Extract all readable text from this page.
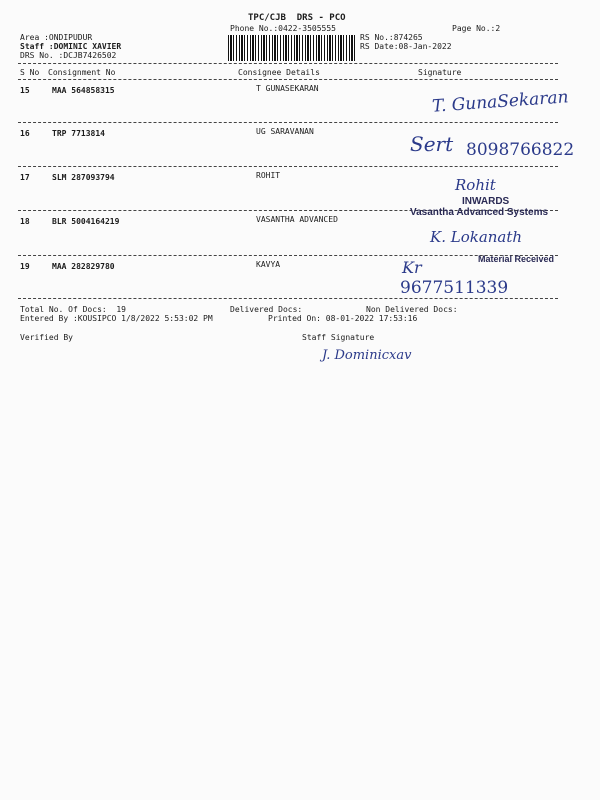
TPC/CJB  DRS - PCO
Phone No.:0422-3505555	Page No.:2
Area :ONDIPUDUR
Staff :DOMINIC XAVIER
DRS No. :DCJB7426502
RS No.:874265
RS Date:08-Jan-2022
S No Consignment No	Consignee Details	Signature
15	MAA 564858315	T GUNASEKARAN
16	TRP 7713814	UG SARAVANAN
17	SLM 287093794	ROHIT
18	BLR 5004164219	VASANTHA ADVANCED
19	MAA 282829780	KAVYA
T. GunaSekaran
Sert 8098766822
Rohit
INWARDS
Vasantha Advanced Systems
K. Lokanath
Material Received
Kr
9677511339
Total No. Of Docs:  19	Delivered Docs:	Non Delivered Docs:
Entered By :KOUSIPCO 1/8/2022 5:53:02 PM	Printed On: 08-01-2022 17:53:16
Verified By	Staff Signature
J. Dominicxav
